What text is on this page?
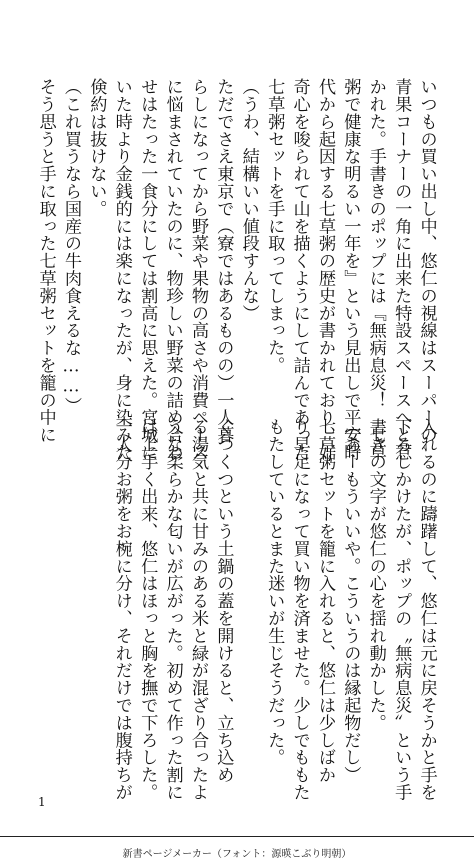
いつもの買い出し中、悠仁の視線はスーパーの
青果コーナーの一角に出来た特設スペースへと惹
かれた。手書きのポップには『無病息災！　七草
粥で健康な明るい一年を』という見出しで平安時
代から起因する七草粥の歴史が書かれており、好
奇心を唆られて山を描くようにして詰んであった
七草粥セットを手に取ってしまった。
（うわ、結構いい値段すんな）
ただでさえ東京で（寮ではあるものの）一人暮
らしになってから野菜や果物の高さや消費ペース
に悩まされていたのに、物珍しい野菜の詰め合わ
せはたった一食分にしては割高に思えた。宮城に
いた時より金銭的には楽になったが、身に染みた
倹約は抜けない。
（これ買うなら国産の牛肉食えるな……）
そう思うと手に取った七草粥セットを籠の中に
入れるのに躊躇して、悠仁は元に戻そうかと手を
下ろしかけたが、ポップの〝無病息災〟という手
書きの文字が悠仁の心を揺れ動かした。
（あーもういいや。こういうのは縁起物だし）
七草粥セットを籠に入れると、悠仁は少しばか
り早足になって買い物を済ませた。少しでももた
もたしているとまた迷いが生じそうだった。
くつくつという土鍋の蓋を開けると、立ち込め
る湯気と共に甘みのある米と緑が混ざり合ったよ
うな柔らかな匂いが広がった。初めて作った割に
は上手く出来、悠仁はほっと胸を撫で下ろした。
一人分お粥をお椀に分け、それだけでは腹持ちが
1
新書ページメーカー（フォント：源暎こぶり明朝）
